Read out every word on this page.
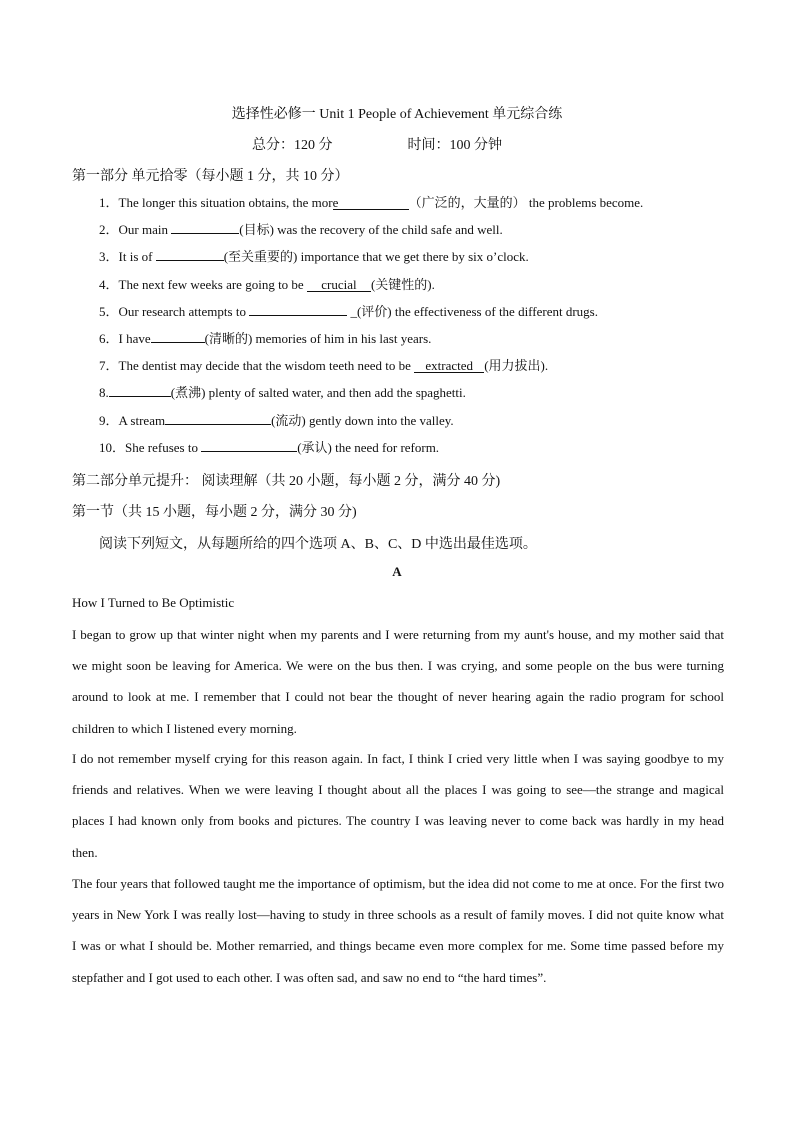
选择性必修一 Unit 1 People of Achievement 单元综合练
总分：120 分	时间：100 分钟
第一部分 单元拾零（每小题 1 分，共 10 分）
1．The longer this situation obtains, the more	（广泛的，大量的） the problems become.
2．Our main	(目标) was the recovery of the child safe and well.
3．It is of	(至关重要的) importance that we get there by six o’clock.
4．The next few weeks are going to be crucial (关键性的).
5．Our research attempts to	_(评价) the effectiveness of the different drugs.
6．I have	(清晰的) memories of him in his last years.
7．The dentist may decide that the wisdom teeth need to be extracted (用力拔出).
8.	(煮沸) plenty of salted water, and then add the spaghetti.
9．A stream	(流动) gently down into the valley.
10．She refuses to	(承认) the need for reform.
第二部分单元提升： 阅读理解（共 20 小题，每小题 2 分，满分 40 分)
第一节（共 15 小题，每小题 2 分，满分 30 分)
阅读下列短文，从每题所给的四个选项 A、B、C、D 中选出最佳选项。
A
How I Turned to Be Optimistic
I began to grow up that winter night when my parents and I were returning from my aunt's house, and my mother said that we might soon be leaving for America. We were on the bus then. I was crying, and some people on the bus were turning around to look at me. I remember that I could not bear the thought of never hearing again the radio program for school children to which I listened every morning.
I do not remember myself crying for this reason again. In fact, I think I cried very little when I was saying goodbye to my friends and relatives. When we were leaving I thought about all the places I was going to see—the strange and magical places I had known only from books and pictures. The country I was leaving never to come back was hardly in my head then.
The four years that followed taught me the importance of optimism, but the idea did not come to me at once. For the first two years in New York I was really lost—having to study in three schools as a result of family moves. I did not quite know what I was or what I should be. Mother remarried, and things became even more complex for me. Some time passed before my stepfather and I got used to each other. I was often sad, and saw no end to “the hard times”.
